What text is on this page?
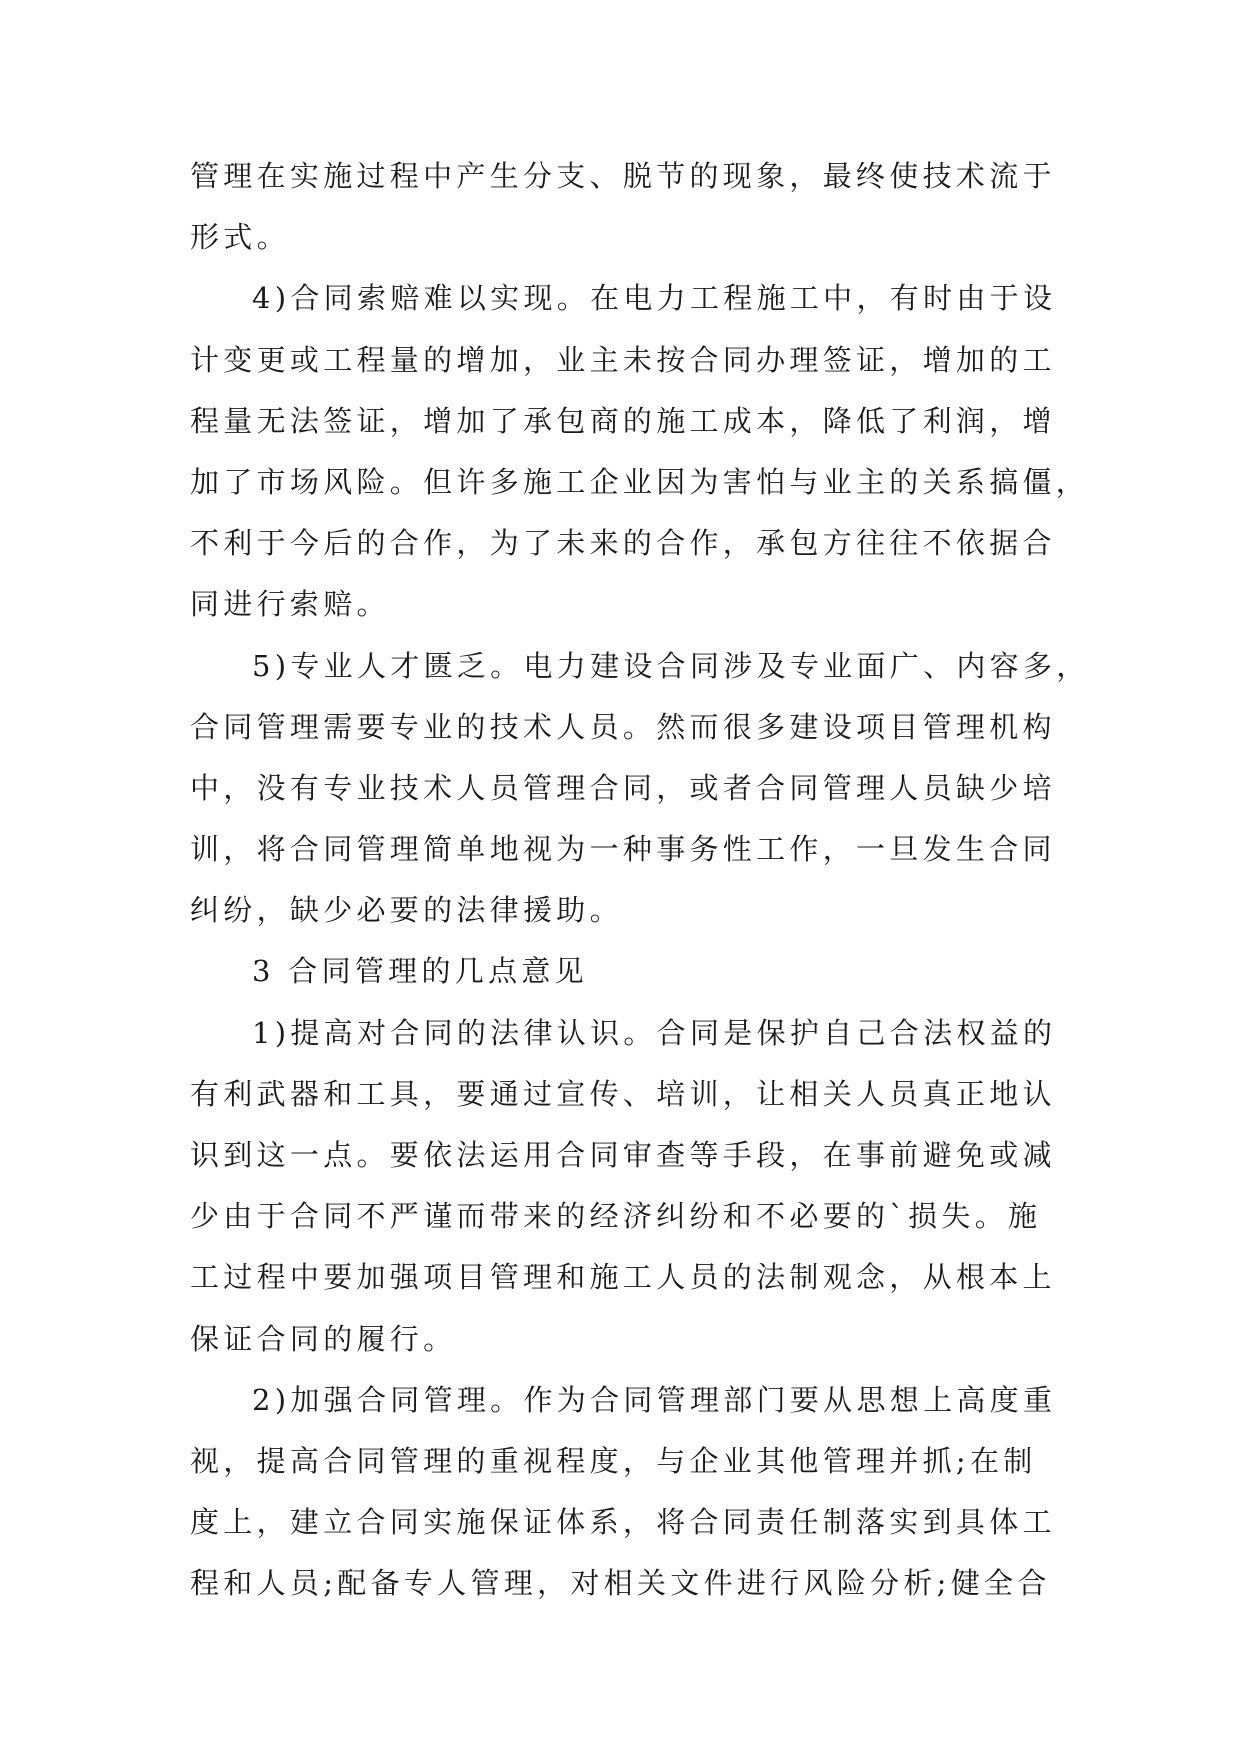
管理在实施过程中产生分支、脱节的现象，最终使技术流于
形式。
4)合同索赔难以实现。在电力工程施工中，有时由于设
计变更或工程量的增加，业主未按合同办理签证，增加的工
程量无法签证，增加了承包商的施工成本，降低了利润，增
加了市场风险。但许多施工企业因为害怕与业主的关系搞僵，
不利于今后的合作，为了未来的合作，承包方往往不依据合
同进行索赔。
5)专业人才匮乏。电力建设合同涉及专业面广、内容多，
合同管理需要专业的技术人员。然而很多建设项目管理机构
中，没有专业技术人员管理合同，或者合同管理人员缺少培
训，将合同管理简单地视为一种事务性工作，一旦发生合同
纠纷，缺少必要的法律援助。
3 合同管理的几点意见
1)提高对合同的法律认识。合同是保护自己合法权益的
有利武器和工具，要通过宣传、培训，让相关人员真正地认
识到这一点。要依法运用合同审查等手段，在事前避免或减
少由于合同不严谨而带来的经济纠纷和不必要的`损失。施
工过程中要加强项目管理和施工人员的法制观念，从根本上
保证合同的履行。
2)加强合同管理。作为合同管理部门要从思想上高度重
视，提高合同管理的重视程度，与企业其他管理并抓;在制
度上，建立合同实施保证体系，将合同责任制落实到具体工
程和人员;配备专人管理，对相关文件进行风险分析;健全合
